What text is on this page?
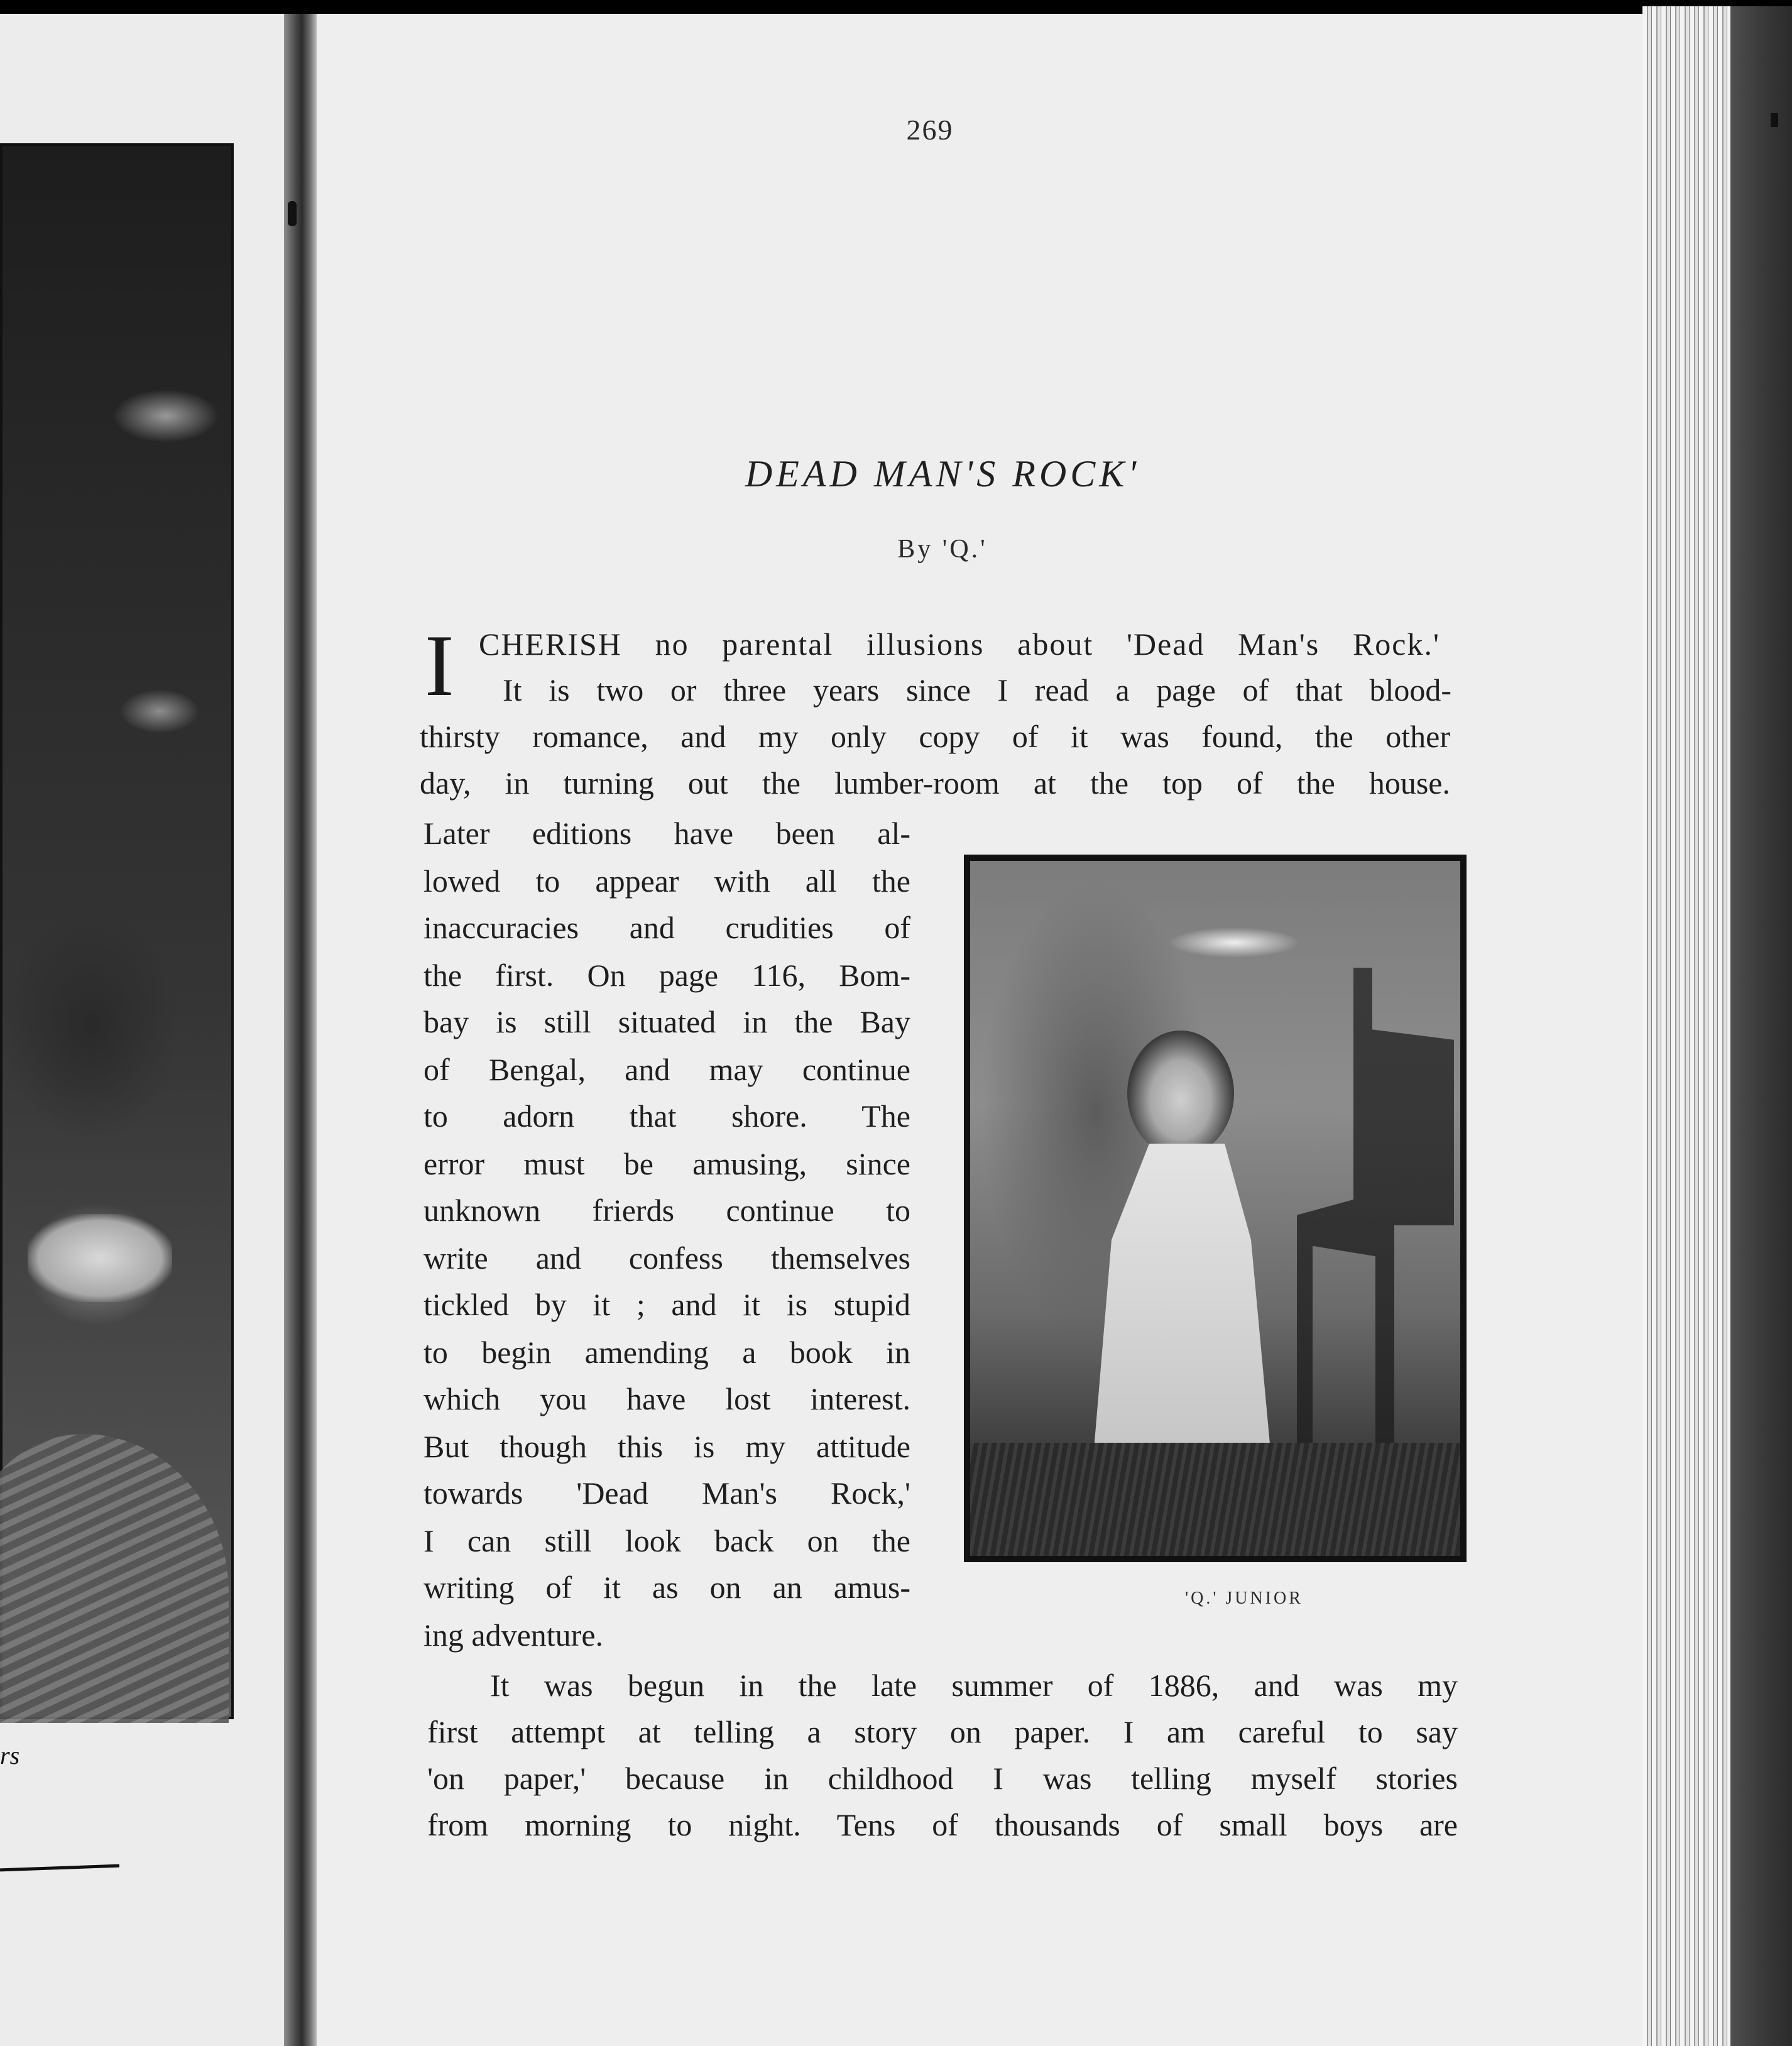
rs
269
DEAD MAN'S ROCK'
By 'Q.'
I CHERISH no parental illusions about 'Dead Man's Rock.'
It is two or three years since I read a page of that blood-
thirsty romance, and my only copy of it was found, the other
day, in turning out the lumber-room at the top of the house.
Later editions have been al-
lowed to appear with all the
inaccuracies and crudities of
the first. On page 116, Bom-
bay is still situated in the Bay
of Bengal, and may continue
to adorn that shore. The
error must be amusing, since
unknown frierds continue to
write and confess themselves
tickled by it ; and it is stupid
to begin amending a book in
which you have lost interest.
But though this is my attitude
towards 'Dead Man's Rock,'
I can still look back on the
writing of it as on an amus-
ing adventure.
It was begun in the late summer of 1886, and was my
first attempt at telling a story on paper. I am careful to say
'on paper,' because in childhood I was telling myself stories
from morning to night. Tens of thousands of small boys are
'Q.' JUNIOR
